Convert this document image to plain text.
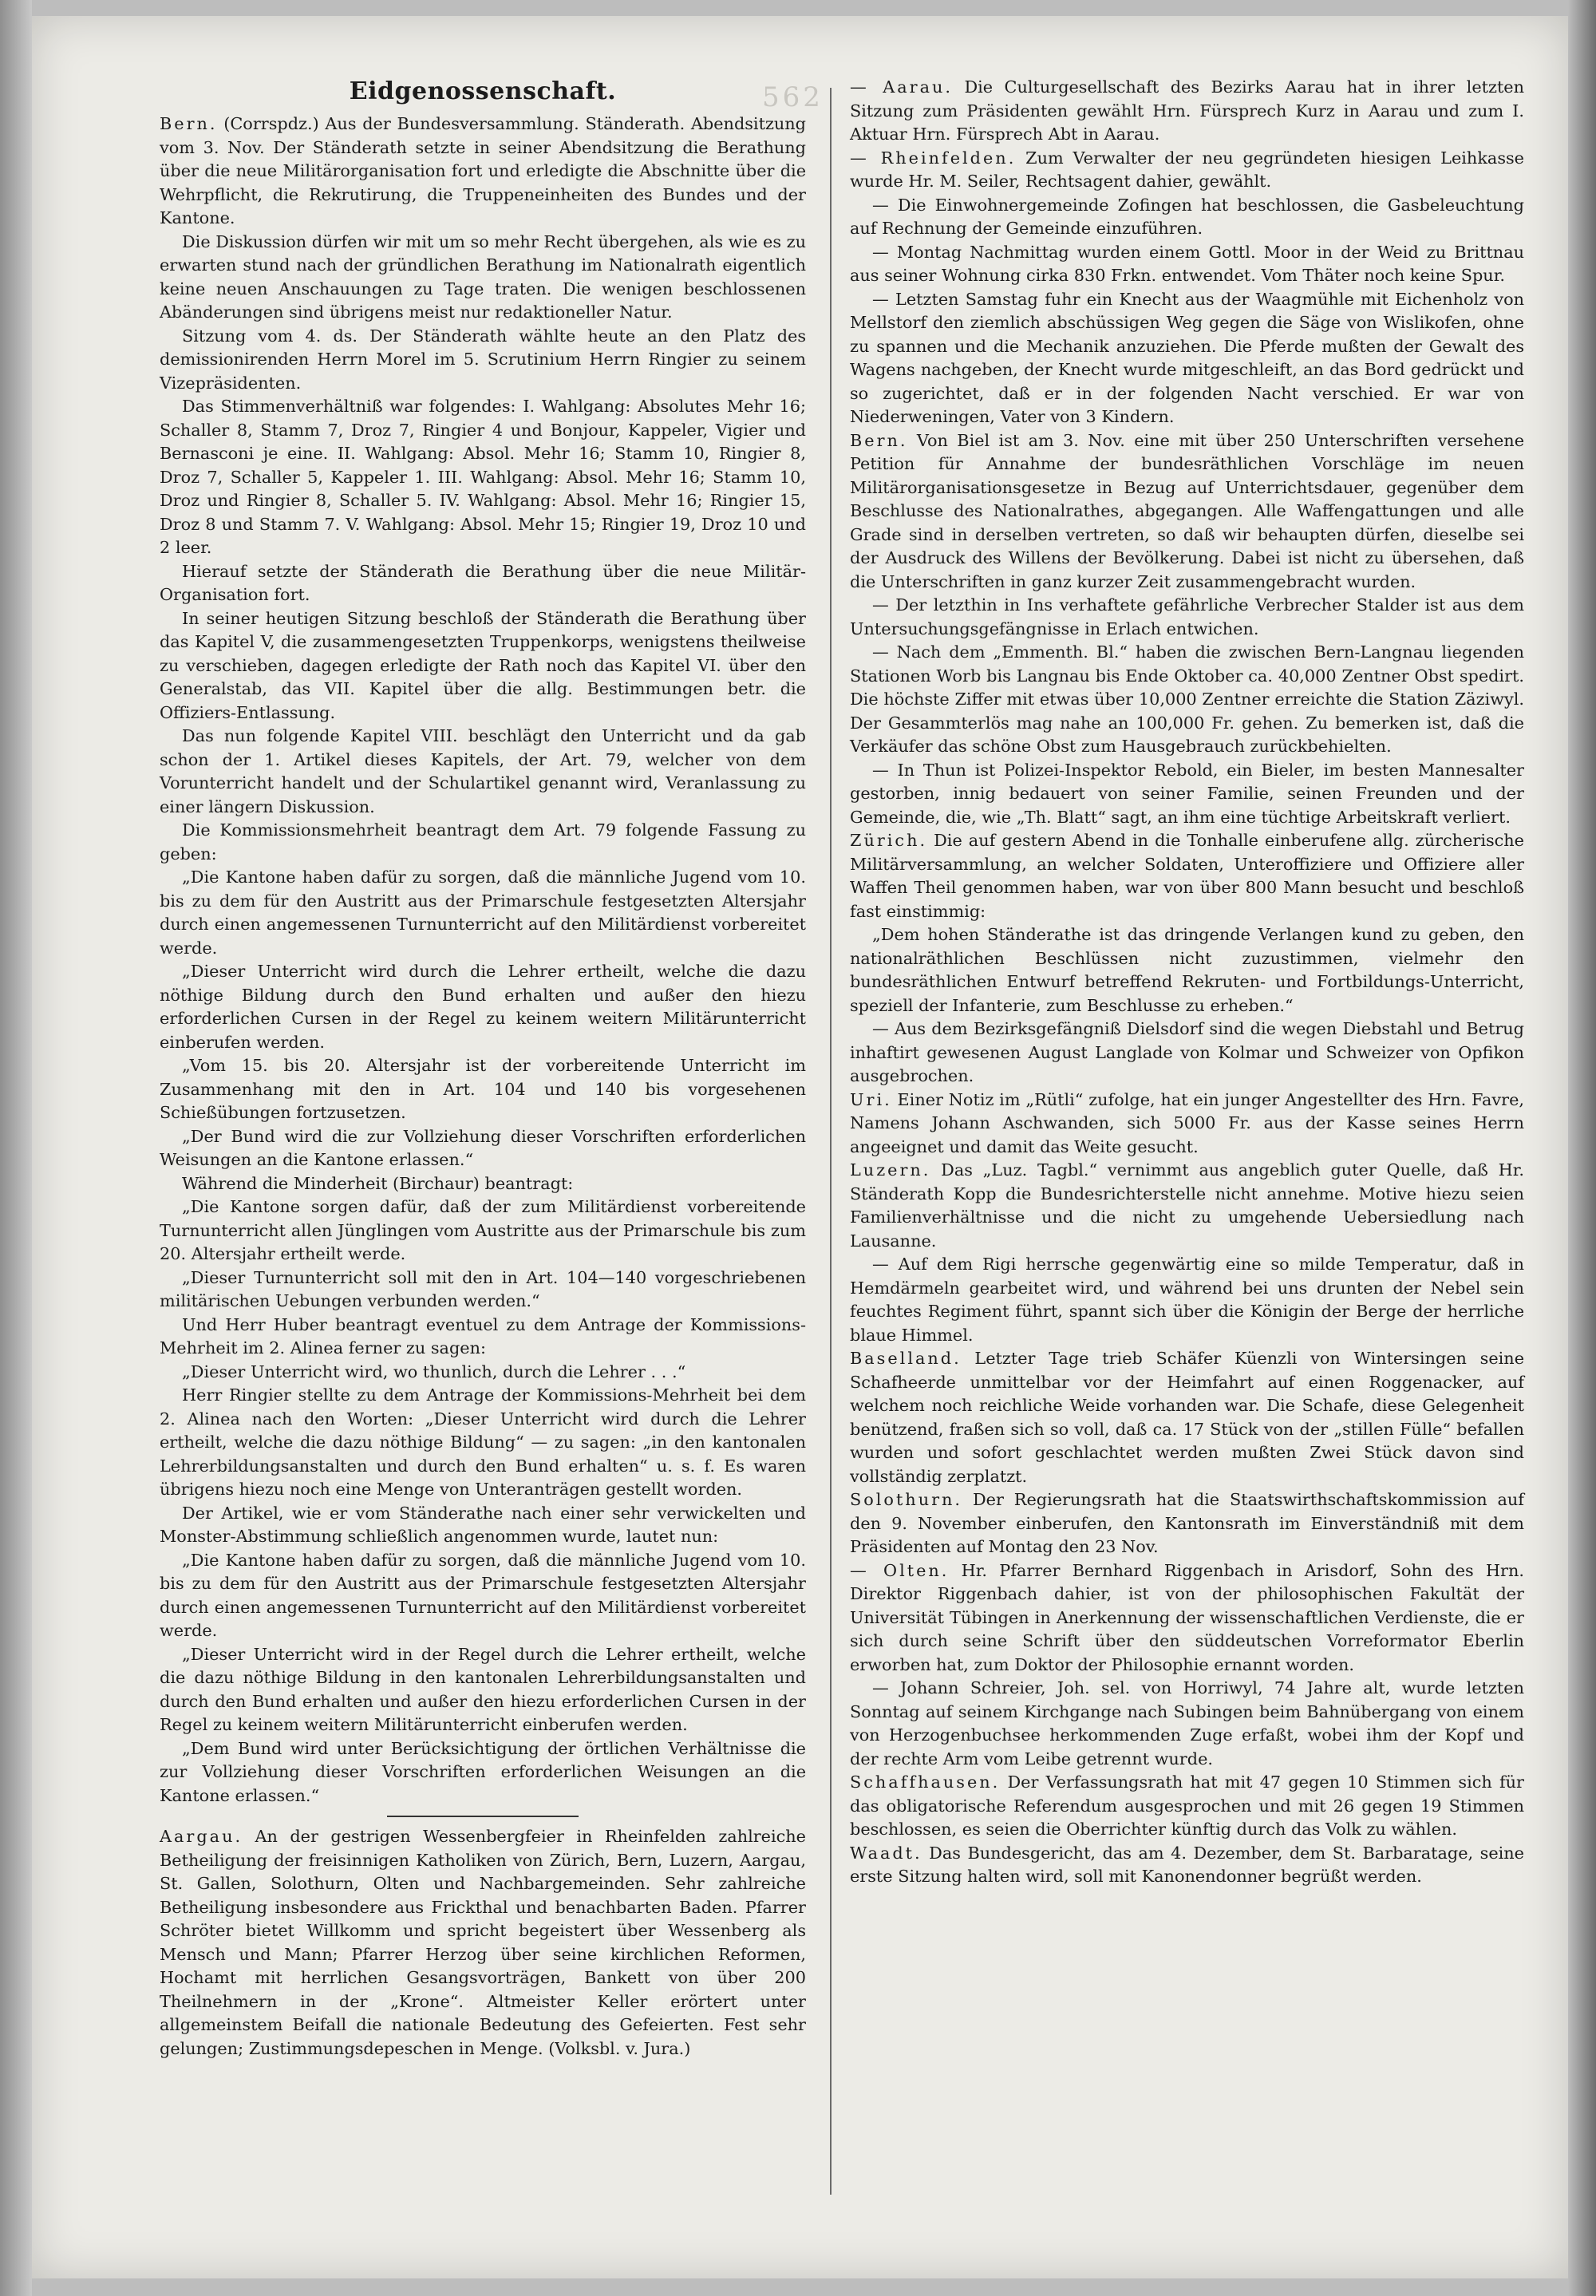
562
Eidgenossenschaft.

Bern. (Corrspdz.) Aus der Bundesversammlung. Ständerath. Abendsitzung vom 3. Nov. Der Ständerath setzte in seiner Abendsitzung die Berathung über die neue Militärorganisation fort und erledigte die Abschnitte über die Wehrpflicht, die Rekrutirung, die Truppeneinheiten des Bundes und der Kantone.

Die Diskussion dürfen wir mit um so mehr Recht übergehen, als wie es zu erwarten stund nach der gründlichen Berathung im Nationalrath eigentlich keine neuen Anschauungen zu Tage traten. Die wenigen beschlossenen Abänderungen sind übrigens meist nur redaktioneller Natur.

Sitzung vom 4. ds. Der Ständerath wählte heute an den Platz des demissionirenden Herrn Morel im 5. Scrutinium Herrn Ringier zu seinem Vizepräsidenten.

Das Stimmenverhältniß war folgendes: I. Wahlgang: Absolutes Mehr 16; Schaller 8, Stamm 7, Droz 7, Ringier 4 und Bonjour, Kappeler, Vigier und Bernasconi je eine. II. Wahlgang: Absol. Mehr 16; Stamm 10, Ringier 8, Droz 7, Schaller 5, Kappeler 1. III. Wahlgang: Absol. Mehr 16; Stamm 10, Droz und Ringier 8, Schaller 5. IV. Wahlgang: Absol. Mehr 16; Ringier 15, Droz 8 und Stamm 7. V. Wahlgang: Absol. Mehr 15; Ringier 19, Droz 10 und 2 leer.

Hierauf setzte der Ständerath die Berathung über die neue Militär-Organisation fort.

In seiner heutigen Sitzung beschloß der Ständerath die Berathung über das Kapitel V, die zusammengesetzten Truppenkorps, wenigstens theilweise zu verschieben, dagegen erledigte der Rath noch das Kapitel VI. über den Generalstab, das VII. Kapitel über die allg. Bestimmungen betr. die Offiziers-Entlassung.

Das nun folgende Kapitel VIII. beschlägt den Unterricht und da gab schon der 1. Artikel dieses Kapitels, der Art. 79, welcher von dem Vorunterricht handelt und der Schulartikel genannt wird, Veranlassung zu einer längern Diskussion.

Die Kommissionsmehrheit beantragt dem Art. 79 folgende Fassung zu geben:

„Die Kantone haben dafür zu sorgen, daß die männliche Jugend vom 10. bis zu dem für den Austritt aus der Primarschule festgesetzten Altersjahr durch einen angemessenen Turnunterricht auf den Militärdienst vorbereitet werde.

„Dieser Unterricht wird durch die Lehrer ertheilt, welche die dazu nöthige Bildung durch den Bund erhalten und außer den hiezu erforderlichen Cursen in der Regel zu keinem weitern Militärunterricht einberufen werden.

„Vom 15. bis 20. Altersjahr ist der vorbereitende Unterricht im Zusammenhang mit den in Art. 104 und 140 bis vorgesehenen Schießübungen fortzusetzen.

„Der Bund wird die zur Vollziehung dieser Vorschriften erforderlichen Weisungen an die Kantone erlassen.“

Während die Minderheit (Birchaur) beantragt:

„Die Kantone sorgen dafür, daß der zum Militärdienst vorbereitende Turnunterricht allen Jünglingen vom Austritte aus der Primarschule bis zum 20. Altersjahr ertheilt werde.

„Dieser Turnunterricht soll mit den in Art. 104—140 vorgeschriebenen militärischen Uebungen verbunden werden.“

Und Herr Huber beantragt eventuel zu dem Antrage der Kommissions-Mehrheit im 2. Alinea ferner zu sagen:

„Dieser Unterricht wird, wo thunlich, durch die Lehrer . . .“

Herr Ringier stellte zu dem Antrage der Kommissions-Mehrheit bei dem 2. Alinea nach den Worten: „Dieser Unterricht wird durch die Lehrer ertheilt, welche die dazu nöthige Bildung“ — zu sagen: „in den kantonalen Lehrerbildungsanstalten und durch den Bund erhalten“ u. s. f. Es waren übrigens hiezu noch eine Menge von Unteranträgen gestellt worden.

Der Artikel, wie er vom Ständerathe nach einer sehr verwickelten und Monster-Abstimmung schließlich angenommen wurde, lautet nun:

„Die Kantone haben dafür zu sorgen, daß die männliche Jugend vom 10. bis zu dem für den Austritt aus der Primarschule festgesetzten Altersjahr durch einen angemessenen Turnunterricht auf den Militärdienst vorbereitet werde.

„Dieser Unterricht wird in der Regel durch die Lehrer ertheilt, welche die dazu nöthige Bildung in den kantonalen Lehrerbildungsanstalten und durch den Bund erhalten und außer den hiezu erforderlichen Cursen in der Regel zu keinem weitern Militärunterricht einberufen werden.

„Dem Bund wird unter Berücksichtigung der örtlichen Verhältnisse die zur Vollziehung dieser Vorschriften erforderlichen Weisungen an die Kantone erlassen.“

Aargau. An der gestrigen Wessenbergfeier in Rheinfelden zahlreiche Betheiligung der freisinnigen Katholiken von Zürich, Bern, Luzern, Aargau, St. Gallen, Solothurn, Olten und Nachbargemeinden. Sehr zahlreiche Betheiligung insbesondere aus Frickthal und benachbarten Baden. Pfarrer Schröter bietet Willkomm und spricht begeistert über Wessenberg als Mensch und Mann; Pfarrer Herzog über seine kirchlichen Reformen, Hochamt mit herrlichen Gesangsvorträgen, Bankett von über 200 Theilnehmern in der „Krone“. Altmeister Keller erörtert unter allgemeinstem Beifall die nationale Bedeutung des Gefeierten. Fest sehr gelungen; Zustimmungsdepeschen in Menge. (Volksbl. v. Jura.)

— Aarau. Die Culturgesellschaft des Bezirks Aarau hat in ihrer letzten Sitzung zum Präsidenten gewählt Hrn. Fürsprech Kurz in Aarau und zum I. Aktuar Hrn. Fürsprech Abt in Aarau.

— Rheinfelden. Zum Verwalter der neu gegründeten hiesigen Leihkasse wurde Hr. M. Seiler, Rechtsagent dahier, gewählt.

— Die Einwohnergemeinde Zofingen hat beschlossen, die Gasbeleuchtung auf Rechnung der Gemeinde einzuführen.

— Montag Nachmittag wurden einem Gottl. Moor in der Weid zu Brittnau aus seiner Wohnung cirka 830 Frkn. entwendet. Vom Thäter noch keine Spur.

— Letzten Samstag fuhr ein Knecht aus der Waagmühle mit Eichenholz von Mellstorf den ziemlich abschüssigen Weg gegen die Säge von Wislikofen, ohne zu spannen und die Mechanik anzuziehen. Die Pferde mußten der Gewalt des Wagens nachgeben, der Knecht wurde mitgeschleift, an das Bord gedrückt und so zugerichtet, daß er in der folgenden Nacht verschied. Er war von Niederweningen, Vater von 3 Kindern.

Bern. Von Biel ist am 3. Nov. eine mit über 250 Unterschriften versehene Petition für Annahme der bundesräthlichen Vorschläge im neuen Militärorganisationsgesetze in Bezug auf Unterrichtsdauer, gegenüber dem Beschlusse des Nationalrathes, abgegangen. Alle Waffengattungen und alle Grade sind in derselben vertreten, so daß wir behaupten dürfen, dieselbe sei der Ausdruck des Willens der Bevölkerung. Dabei ist nicht zu übersehen, daß die Unterschriften in ganz kurzer Zeit zusammengebracht wurden.

— Der letzthin in Ins verhaftete gefährliche Verbrecher Stalder ist aus dem Untersuchungsgefängnisse in Erlach entwichen.

— Nach dem „Emmenth. Bl.“ haben die zwischen Bern-Langnau liegenden Stationen Worb bis Langnau bis Ende Oktober ca. 40,000 Zentner Obst spedirt. Die höchste Ziffer mit etwas über 10,000 Zentner erreichte die Station Zäziwyl. Der Gesammterlös mag nahe an 100,000 Fr. gehen. Zu bemerken ist, daß die Verkäufer das schöne Obst zum Hausgebrauch zurückbehielten.

— In Thun ist Polizei-Inspektor Rebold, ein Bieler, im besten Mannesalter gestorben, innig bedauert von seiner Familie, seinen Freunden und der Gemeinde, die, wie „Th. Blatt“ sagt, an ihm eine tüchtige Arbeitskraft verliert.

Zürich. Die auf gestern Abend in die Tonhalle einberufene allg. zürcherische Militärversammlung, an welcher Soldaten, Unteroffiziere und Offiziere aller Waffen Theil genommen haben, war von über 800 Mann besucht und beschloß fast einstimmig:

„Dem hohen Ständerathe ist das dringende Verlangen kund zu geben, den nationalräthlichen Beschlüssen nicht zuzustimmen, vielmehr den bundesräthlichen Entwurf betreffend Rekruten- und Fortbildungs-Unterricht, speziell der Infanterie, zum Beschlusse zu erheben.“

— Aus dem Bezirksgefängniß Dielsdorf sind die wegen Diebstahl und Betrug inhaftirt gewesenen August Langlade von Kolmar und Schweizer von Opfikon ausgebrochen.

Uri. Einer Notiz im „Rütli“ zufolge, hat ein junger Angestellter des Hrn. Favre, Namens Johann Aschwanden, sich 5000 Fr. aus der Kasse seines Herrn angeeignet und damit das Weite gesucht.

Luzern. Das „Luz. Tagbl.“ vernimmt aus angeblich guter Quelle, daß Hr. Ständerath Kopp die Bundesrichterstelle nicht annehme. Motive hiezu seien Familienverhältnisse und die nicht zu umgehende Uebersiedlung nach Lausanne.

— Auf dem Rigi herrsche gegenwärtig eine so milde Temperatur, daß in Hemdärmeln gearbeitet wird, und während bei uns drunten der Nebel sein feuchtes Regiment führt, spannt sich über die Königin der Berge der herrliche blaue Himmel.

Baselland. Letzter Tage trieb Schäfer Küenzli von Wintersingen seine Schafheerde unmittelbar vor der Heimfahrt auf einen Roggenacker, auf welchem noch reichliche Weide vorhanden war. Die Schafe, diese Gelegenheit benützend, fraßen sich so voll, daß ca. 17 Stück von der „stillen Fülle“ befallen wurden und sofort geschlachtet werden mußten Zwei Stück davon sind vollständig zerplatzt.

Solothurn. Der Regierungsrath hat die Staatswirthschaftskommission auf den 9. November einberufen, den Kantonsrath im Einverständniß mit dem Präsidenten auf Montag den 23 Nov.

— Olten. Hr. Pfarrer Bernhard Riggenbach in Arisdorf, Sohn des Hrn. Direktor Riggenbach dahier, ist von der philosophischen Fakultät der Universität Tübingen in Anerkennung der wissenschaftlichen Verdienste, die er sich durch seine Schrift über den süddeutschen Vorreformator Eberlin erworben hat, zum Doktor der Philosophie ernannt worden.

— Johann Schreier, Joh. sel. von Horriwyl, 74 Jahre alt, wurde letzten Sonntag auf seinem Kirchgange nach Subingen beim Bahnübergang von einem von Herzogenbuchsee herkommenden Zuge erfaßt, wobei ihm der Kopf und der rechte Arm vom Leibe getrennt wurde.

Schaffhausen. Der Verfassungsrath hat mit 47 gegen 10 Stimmen sich für das obligatorische Referendum ausgesprochen und mit 26 gegen 19 Stimmen beschlossen, es seien die Oberrichter künftig durch das Volk zu wählen.

Waadt. Das Bundesgericht, das am 4. Dezember, dem St. Barbaratage, seine erste Sitzung halten wird, soll mit Kanonendonner begrüßt werden.
